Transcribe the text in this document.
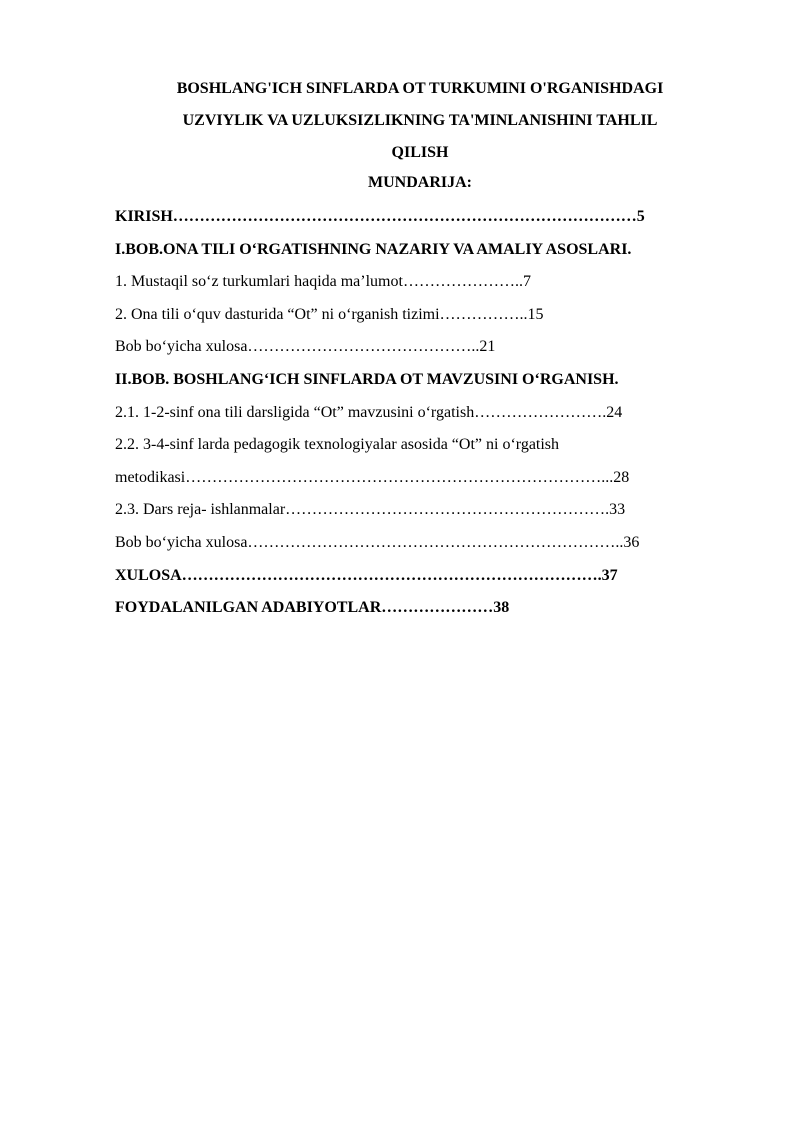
BOSHLANG'ICH SINFLARDA OT TURKUMINI O'RGANISHDAGI
UZVIYLIK VA UZLUKSIZLIKNING TA'MINLANISHINI TAHLIL
QILISH
MUNDARIJA:
KIRISH……………………………………………………………………………5
I.BOB.ONA TILI O‘RGATISHNING NAZARIY VA AMALIY ASOSLARI.
1. Mustaqil so‘z turkumlari haqida ma’lumot…………………..7
2. Ona tili o‘quv dasturida “Ot” ni o‘rganish tizimi……………..15
Bob bo‘yicha xulosa……………………………………..21
II.BOB. BOSHLANG‘ICH SINFLARDA OT MAVZUSINI O‘RGANISH.
2.1. 1-2-sinf ona tili darsligida “Ot” mavzusini o‘rgatish…………………….24
2.2. 3-4-sinf larda pedagogik texnologiyalar asosida “Ot” ni o‘rgatish
metodikasi……………………………………………………………………...28
2.3. Dars reja- ishlanmalar…………………………………………………….33
Bob bo‘yicha xulosa……………………………………………………………..36
XULOSA…………………………………………………………………….37
FOYDALANILGAN ADABIYOTLAR…………………38
